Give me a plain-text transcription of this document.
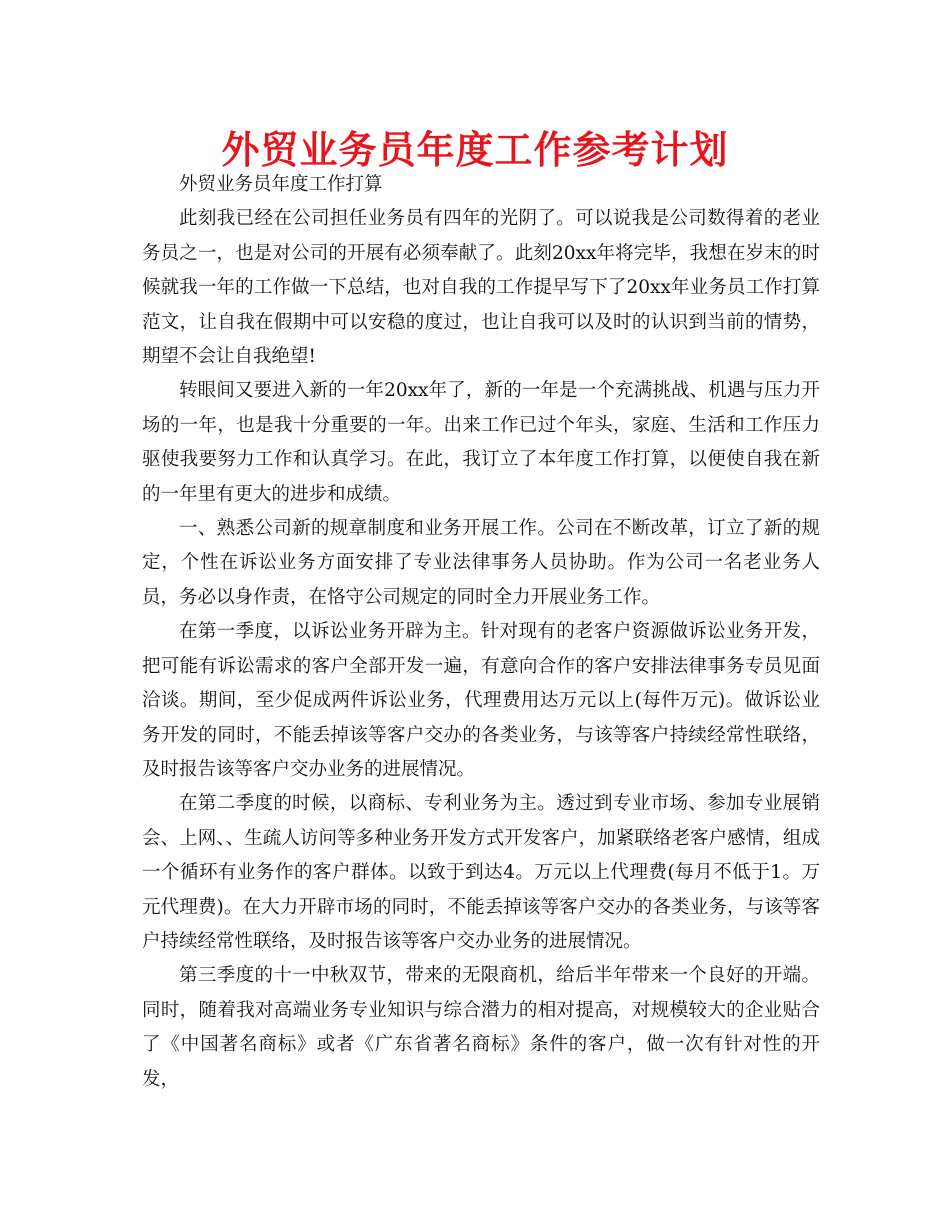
外贸业务员年度工作参考计划

外贸业务员年度工作打算

此刻我已经在公司担任业务员有四年的光阴了。可以说我是公司数得着的老业务员之一，也是对公司的开展有必须奉献了。此刻20xx年将完毕，我想在岁末的时候就我一年的工作做一下总结，也对自我的工作提早写下了20xx年业务员工作打算范文，让自我在假期中可以安稳的度过，也让自我可以及时的认识到当前的情势，期望不会让自我绝望!

转眼间又要进入新的一年20xx年了，新的一年是一个充满挑战、机遇与压力开场的一年，也是我十分重要的一年。出来工作已过个年头，家庭、生活和工作压力驱使我要努力工作和认真学习。在此，我订立了本年度工作打算，以便使自我在新的一年里有更大的进步和成绩。

一、熟悉公司新的规章制度和业务开展工作。公司在不断改革，订立了新的规定，个性在诉讼业务方面安排了专业法律事务人员协助。作为公司一名老业务人员，务必以身作责，在恪守公司规定的同时全力开展业务工作。

在第一季度，以诉讼业务开辟为主。针对现有的老客户资源做诉讼业务开发，把可能有诉讼需求的客户全部开发一遍，有意向合作的客户安排法律事务专员见面洽谈。期间，至少促成两件诉讼业务，代理费用达万元以上(每件万元)。做诉讼业务开发的同时，不能丢掉该等客户交办的各类业务，与该等客户持续经常性联络，及时报告该等客户交办业务的进展情况。

在第二季度的时候，以商标、专利业务为主。透过到专业市场、参加专业展销会、上网、、生疏人访问等多种业务开发方式开发客户，加紧联络老客户感情，组成一个循环有业务作的客户群体。以致于到达4。万元以上代理费(每月不低于1。万元代理费)。在大力开辟市场的同时，不能丢掉该等客户交办的各类业务，与该等客户持续经常性联络，及时报告该等客户交办业务的进展情况。

第三季度的十一中秋双节，带来的无限商机，给后半年带来一个良好的开端。同时，随着我对高端业务专业知识与综合潜力的相对提高，对规模较大的企业贴合了《中国著名商标》或者《广东省著名商标》条件的客户，做一次有针对性的开发，
